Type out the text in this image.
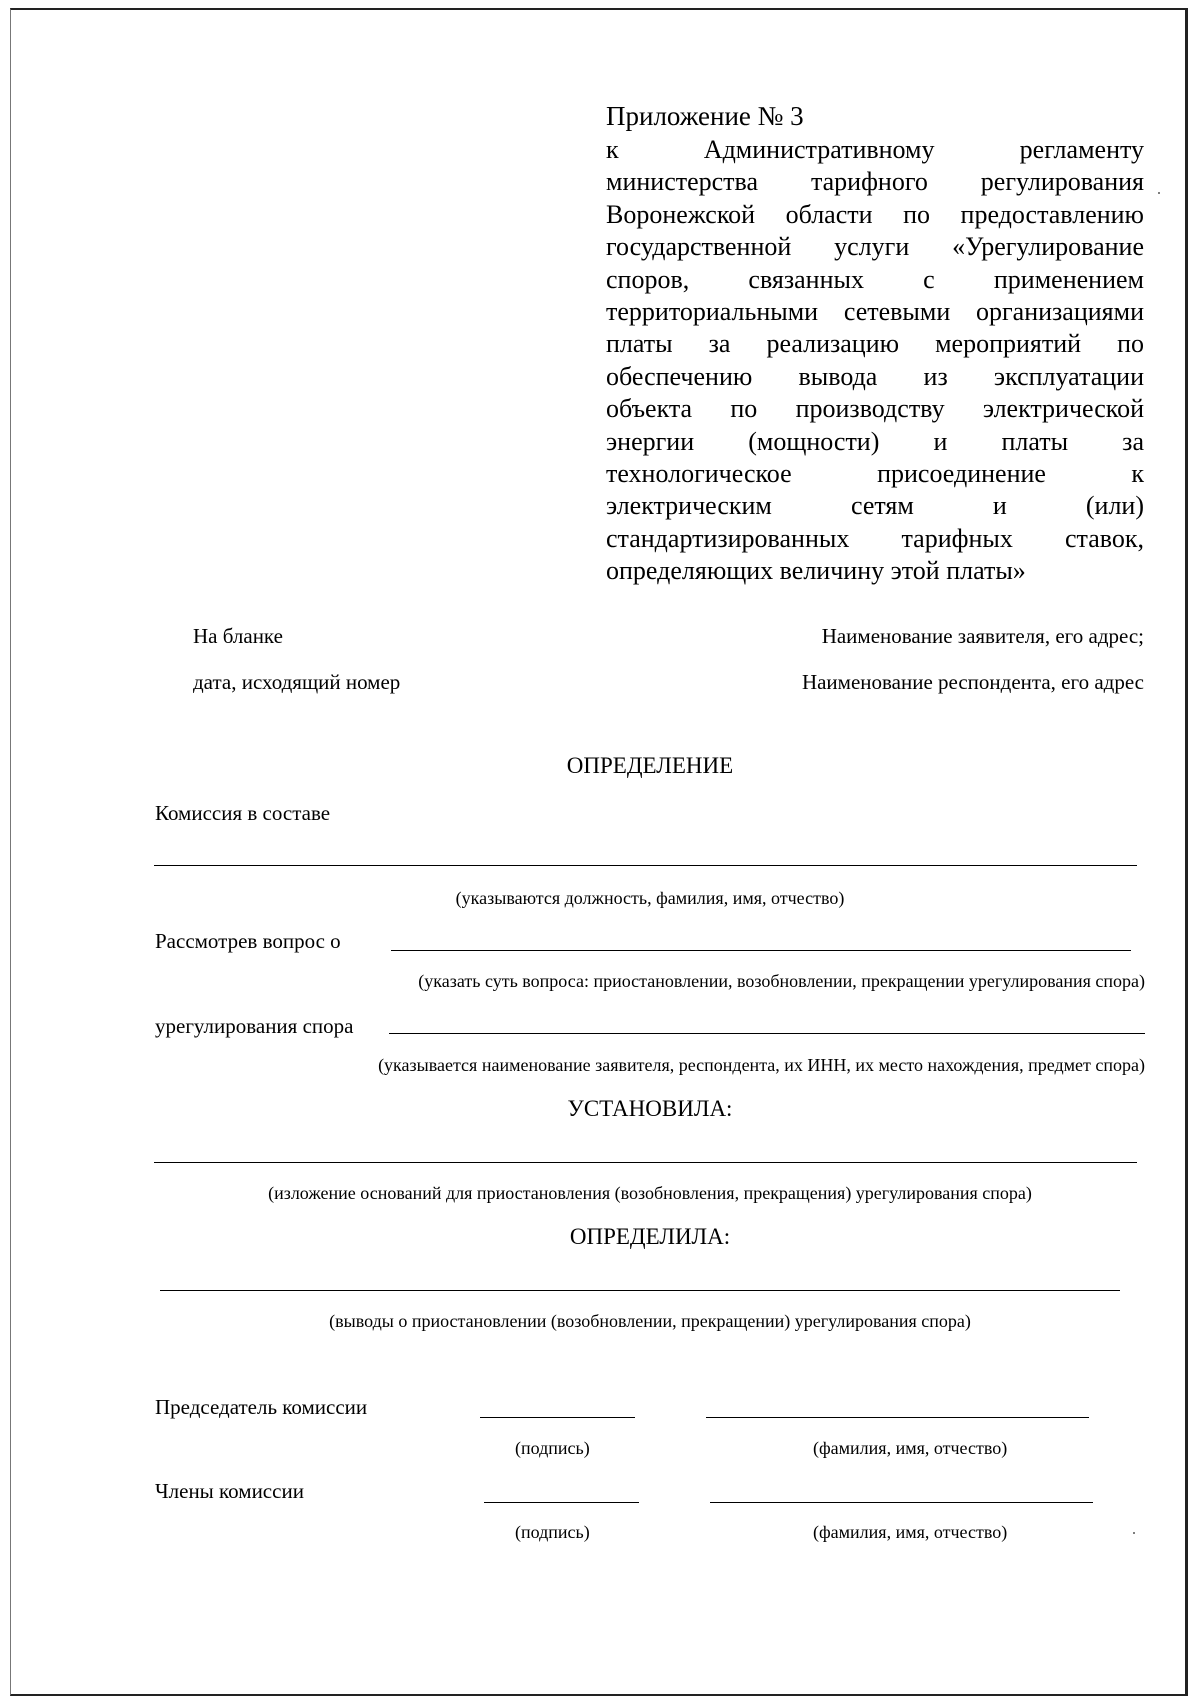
Приложение № 3
к Административному регламенту
министерства тарифного регулирования
Воронежской области по предоставлению
государственной услуги «Урегулирование
споров, связанных с применением
территориальными сетевыми организациями
платы за реализацию мероприятий по
обеспечению вывода из эксплуатации
объекта по производству электрической
энергии (мощности) и платы за
технологическое присоединение к
электрическим сетям и (или)
стандартизированных тарифных ставок,
определяющих величину этой платы»
На бланке
дата, исходящий номер
Наименование заявителя, его адрес;
Наименование респондента, его адрес
ОПРЕДЕЛЕНИЕ
Комиссия в составе
(указываются должность, фамилия, имя, отчество)
Рассмотрев вопрос о
(указать суть вопроса: приостановлении, возобновлении, прекращении урегулирования спора)
урегулирования спора
(указывается наименование заявителя, респондента, их ИНН, их место нахождения, предмет спора)
УСТАНОВИЛА:
(изложение оснований для приостановления (возобновления, прекращения) урегулирования спора)
ОПРЕДЕЛИЛА:
(выводы о приостановлении (возобновлении, прекращении) урегулирования спора)
Председатель комиссии
(подпись)	(фамилия, имя, отчество)
Члены комиссии
(подпись)	(фамилия, имя, отчество)
